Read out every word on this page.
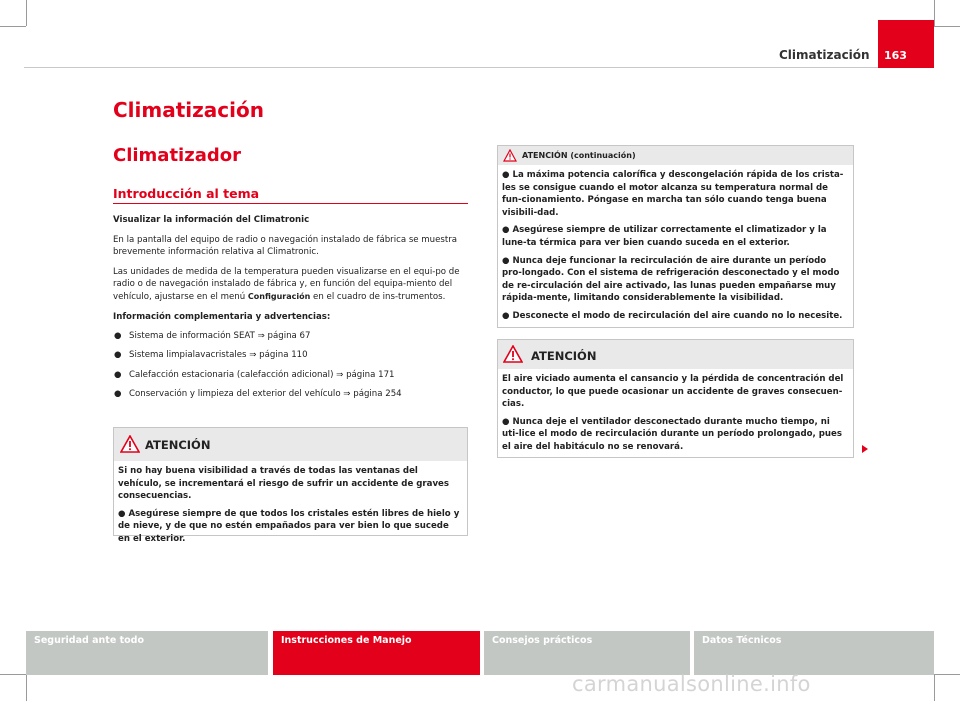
Climatización 163
Climatización
Climatizador
Introducción al tema

Visualizar la información del Climatronic

En la pantalla del equipo de radio o navegación instalado de fábrica se muestra brevemente información relativa al Climatronic.

Las unidades de medida de la temperatura pueden visualizarse en el equi-po de radio o de navegación instalado de fábrica y, en función del equipa-miento del vehículo, ajustarse en el menú Configuración en el cuadro de ins-trumentos.

Información complementaria y advertencias:

● Sistema de información SEAT ⇒ página 67
● Sistema limpialavacristales ⇒ página 110
● Calefacción estacionaria (calefacción adicional) ⇒ página 171
● Conservación y limpieza del exterior del vehículo ⇒ página 254
ATENCIÓN

Si no hay buena visibilidad a través de todas las ventanas del vehículo, se incrementará el riesgo de sufrir un accidente de graves consecuencias.

● Asegúrese siempre de que todos los cristales estén libres de hielo y de nieve, y de que no estén empañados para ver bien lo que sucede en el exterior.

ATENCIÓN (continuación)

● La máxima potencia calorífica y descongelación rápida de los crista-les se consigue cuando el motor alcanza su temperatura normal de fun-cionamiento. Póngase en marcha tan sólo cuando tenga buena visibili-dad.

● Asegúrese siempre de utilizar correctamente el climatizador y la lune-ta térmica para ver bien cuando suceda en el exterior.

● Nunca deje funcionar la recirculación de aire durante un período pro-longado. Con el sistema de refrigeración desconectado y el modo de re-circulación del aire activado, las lunas pueden empañarse muy rápida-mente, limitando considerablemente la visibilidad.

● Desconecte el modo de recirculación del aire cuando no lo necesite.

ATENCIÓN

El aire viciado aumenta el cansancio y la pérdida de concentración del conductor, lo que puede ocasionar un accidente de graves consecuen-cias.

● Nunca deje el ventilador desconectado durante mucho tiempo, ni uti-lice el modo de recirculación durante un período prolongado, pues el aire del habitáculo no se renovará.

Seguridad ante todo	Instrucciones de Manejo	Consejos prácticos	Datos Técnicos
carmanualsonline.info
